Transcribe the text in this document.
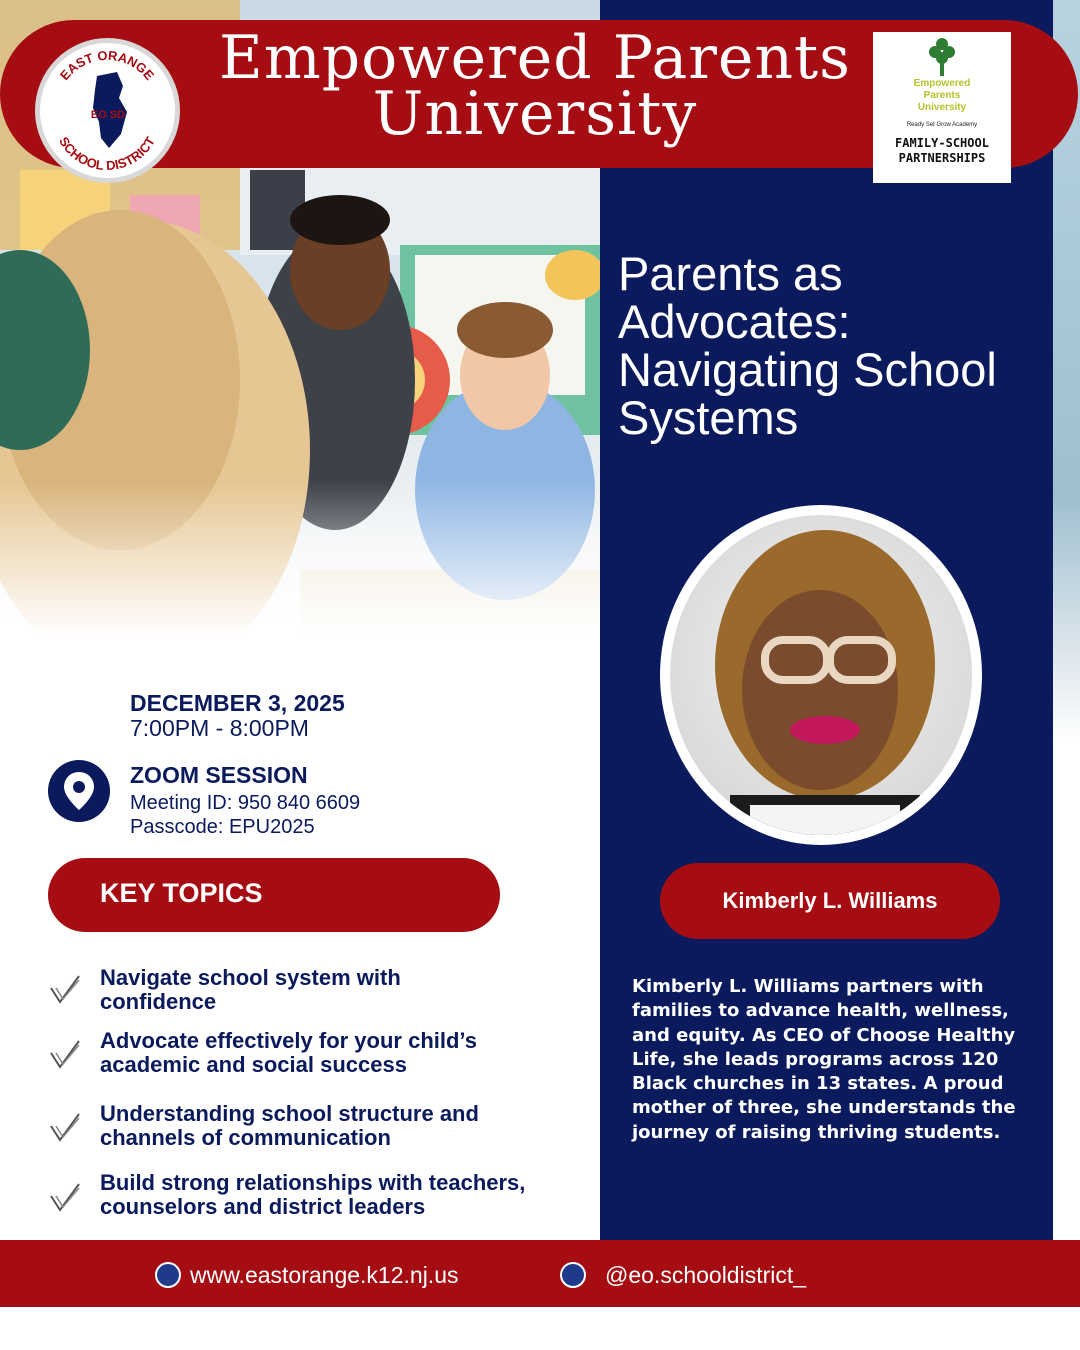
Empowered Parents
University
EAST ORANGE
SCHOOL DISTRICT
EO SD
Empowered Parents University
Ready Set Grow Academy
FAMILY-SCHOOL PARTNERSHIPS
Parents as Advocates: Navigating School Systems
Kimberly L. Williams
Kimberly L. Williams partners with families to advance health, wellness, and equity. As CEO of Choose Healthy Life, she leads programs across 120 Black churches in 13 states. A proud mother of three, she understands the journey of raising thriving students.
DECEMBER 3, 2025
7:00PM - 8:00PM
ZOOM SESSION
Meeting ID: 950 840 6609
Passcode: EPU2025
KEY TOPICS
Navigate school system with
confidence
Advocate effectively for your child’s
academic and social success
Understanding school structure and
channels of communication
Build strong relationships with teachers,
counselors and district leaders
www.eastorange.k12.nj.us	@eo.schooldistrict_
